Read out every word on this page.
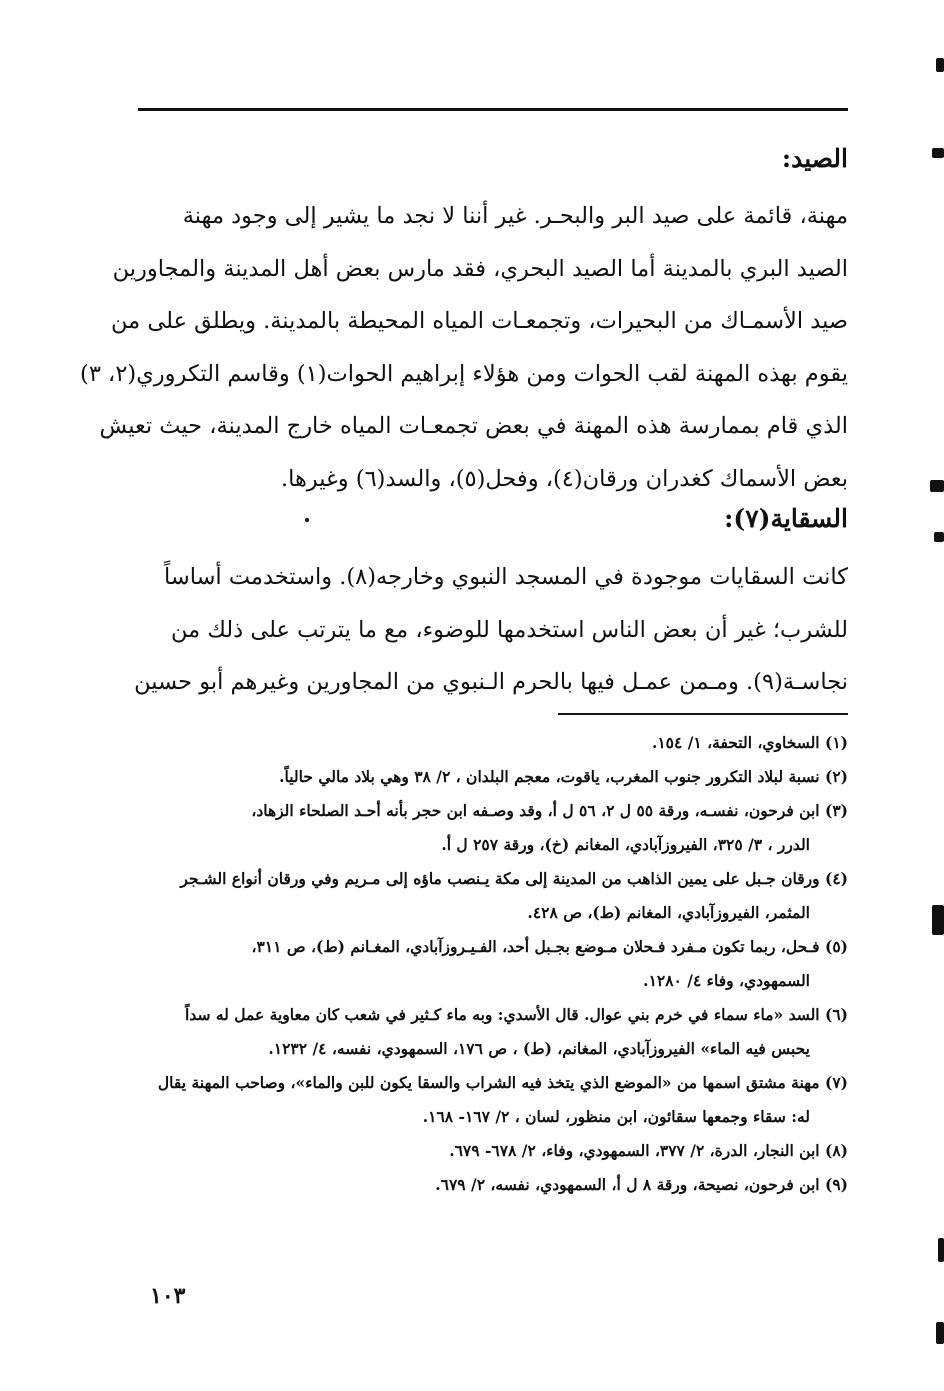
الصيد:
مهنة، قائمة على صيد البر والبحـر. غير أننا لا نجد ما يشير إلى وجود مهنة
الصيد البري بالمدينة أما الصيد البحري، فقد مارس بعض أهل المدينة والمجاورين
صيد الأسمـاك من البحيرات، وتجمعـات المياه المحيطة بالمدينة. ويطلق على من
يقوم بهذه المهنة لقب الحوات ومن هؤلاء إبراهيم الحوات(١) وقاسم التكروري(٢، ٣)
الذي قام بممارسة هذه المهنة في بعض تجمعـات المياه خارج المدينة، حيث تعيش
بعض الأسماك كغدران ورقان(٤)، وفحل(٥)، والسد(٦) وغيرها.
السقاية(٧):
كانت السقايات موجودة في المسجد النبوي وخارجه(٨). واستخدمت أساساً
للشرب؛ غير أن بعض الناس استخدمها للوضوء، مع ما يترتب على ذلك من
نجاسـة(٩). ومـمن عمـل فيها بالحرم الـنبوي من المجاورين وغيرهم أبو حسين
(١) السخاوي، التحفة، ١/ ١٥٤.
(٢) نسبة لبلاد التكرور جنوب المغرب، ياقوت، معجم البلدان ، ٢/ ٣٨ وهي بلاد مالي حالياً.
(٣) ابن فرحون، نفسـه، ورقة ٥٥ ل ٢، ٥٦ ل أ، وقد وصـفه ابن حجر بأنه أحـد الصلحاء الزهاد،
الدرر ، ٣/ ٣٢٥، الفيروزآبادي، المغانم (خ)، ورقة ٢٥٧ ل أ.
(٤) ورقان جـبل على يمين الذاهب من المدينة إلى مكة يـنصب ماؤه إلى مـريم وفي ورقان أنواع الشـجر
المثمر، الفيروزآبادي، المغانم (ط)، ص ٤٢٨.
(٥) فـحل، ربما تكون مـفرد فـحلان مـوضع بجـبل أحد، الفـيـروزآبادي، المغـانم (ط)، ص ٣١١،
السمهودي، وفاء ٤/ ١٢٨٠.
(٦) السد «ماء سماء في خرم بني عوال. قال الأسدي: وبه ماء كـثير في شعب كان معاوية عمل له سداً
يحبس فيه الماء» الفيروزآبادي، المغانم، (ط) ، ص ١٧٦، السمهودي، نفسه، ٤/ ١٢٣٢.
(٧) مهنة مشتق اسمها من «الموضع الذي يتخذ فيه الشراب والسقا يكون للبن والماء»، وصاحب المهنة يقال
له: سقاء وجمعها سقائون، ابن منظور، لسان ، ٢/ ١٦٧- ١٦٨.
(٨) ابن النجار، الدرة، ٢/ ٣٧٧، السمهودي، وفاء، ٢/ ٦٧٨- ٦٧٩.
(٩) ابن فرحون، نصيحة، ورقة ٨ ل أ، السمهودي، نفسه، ٢/ ٦٧٩.
١٠٣
